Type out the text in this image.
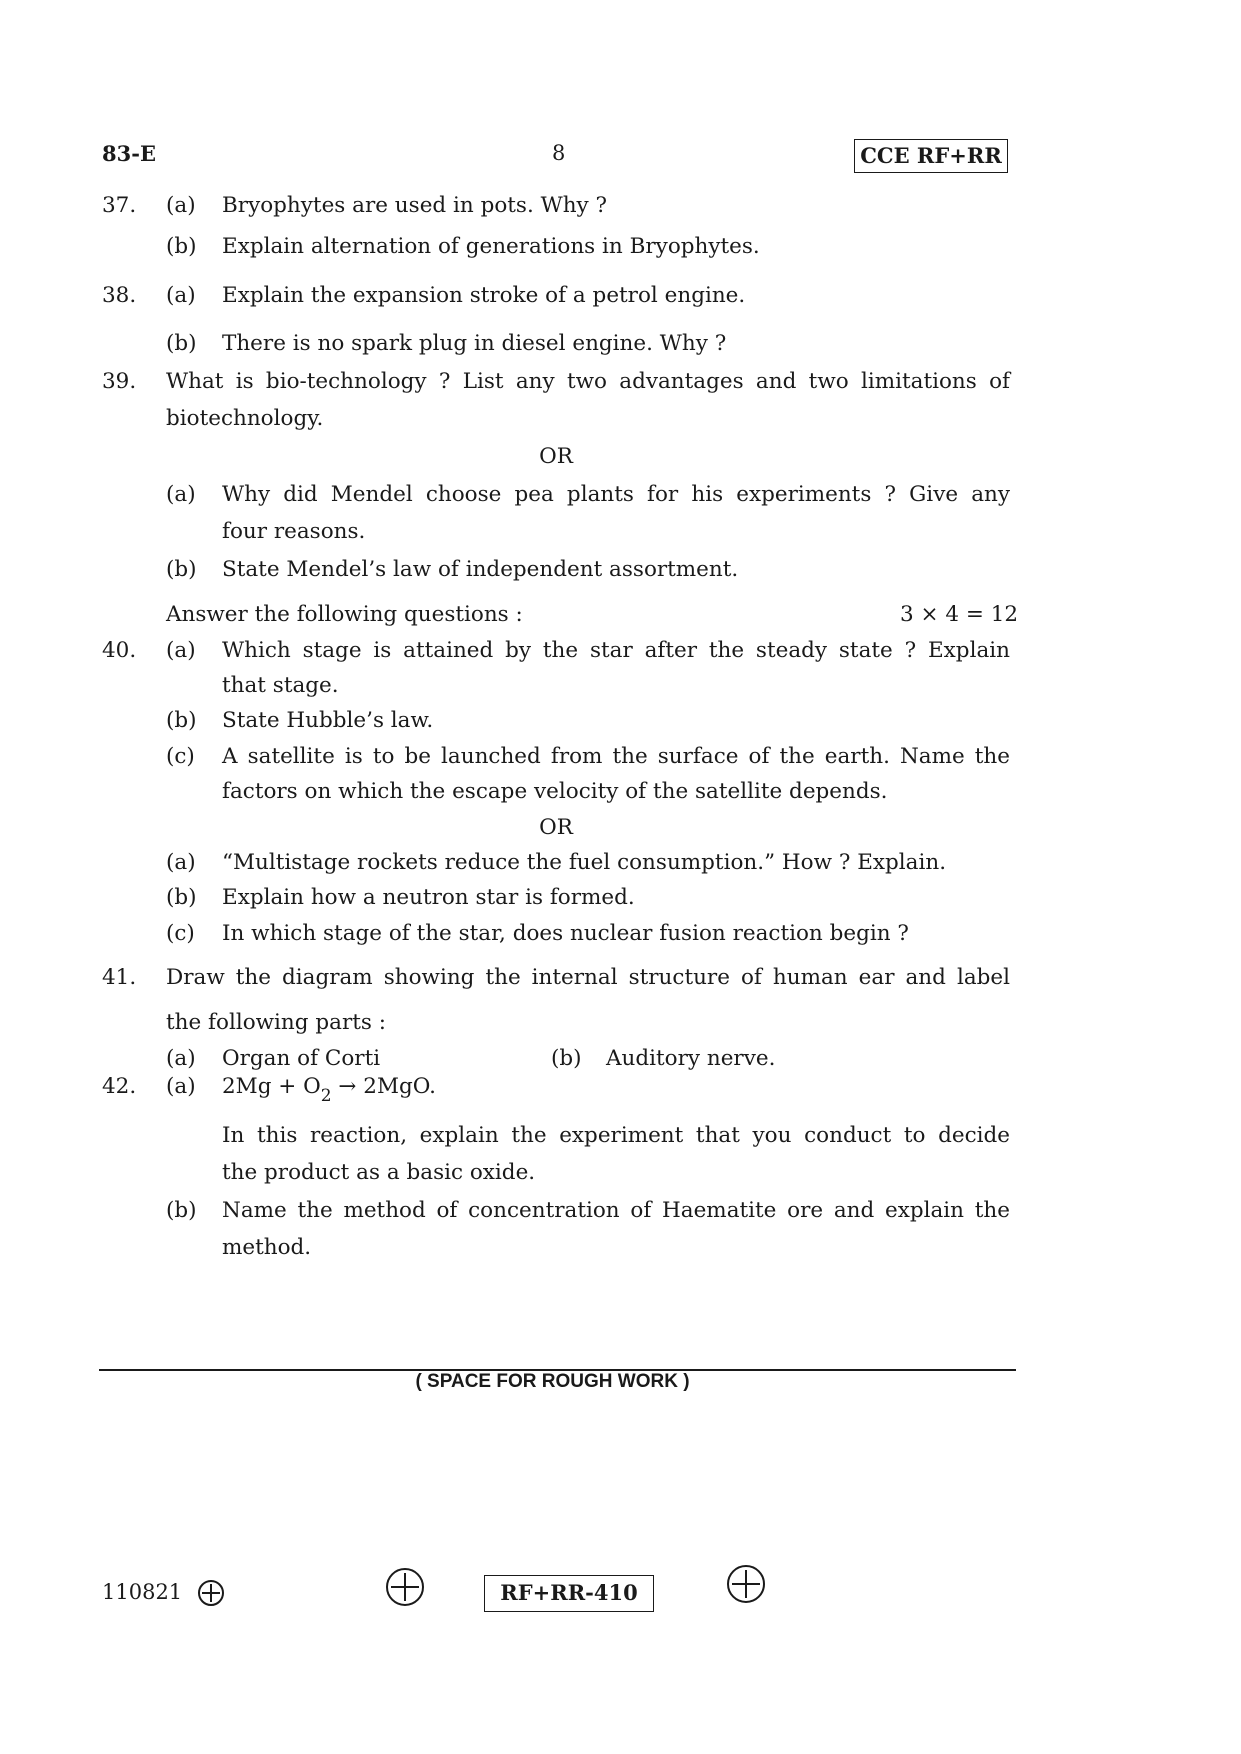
83-E	8	CCE RF+RR
37. (a) Bryophytes are used in pots. Why ?
(b) Explain alternation of generations in Bryophytes.
38. (a) Explain the expansion stroke of a petrol engine.
(b) There is no spark plug in diesel engine. Why ?
39. What is bio-technology ? List any two advantages and two limitations of
biotechnology.
OR
(a) Why did Mendel choose pea plants for his experiments ? Give any
four reasons.
(b) State Mendel’s law of independent assortment.
Answer the following questions :	3 × 4 = 12
40. (a) Which stage is attained by the star after the steady state ? Explain
that stage.
(b) State Hubble’s law.
(c) A satellite is to be launched from the surface of the earth. Name the
factors on which the escape velocity of the satellite depends.
OR
(a) “Multistage rockets reduce the fuel consumption.” How ? Explain.
(b) Explain how a neutron star is formed.
(c) In which stage of the star, does nuclear fusion reaction begin ?
41. Draw the diagram showing the internal structure of human ear and label
the following parts :
(a) Organ of Corti	(b) Auditory nerve.
42. (a) $2Mg + O_2 \to 2MgO$.
In this reaction, explain the experiment that you conduct to decide
the product as a basic oxide.
(b) Name the method of concentration of Haematite ore and explain the
method.
( SPACE FOR ROUGH WORK )
110821	RF+RR-410
